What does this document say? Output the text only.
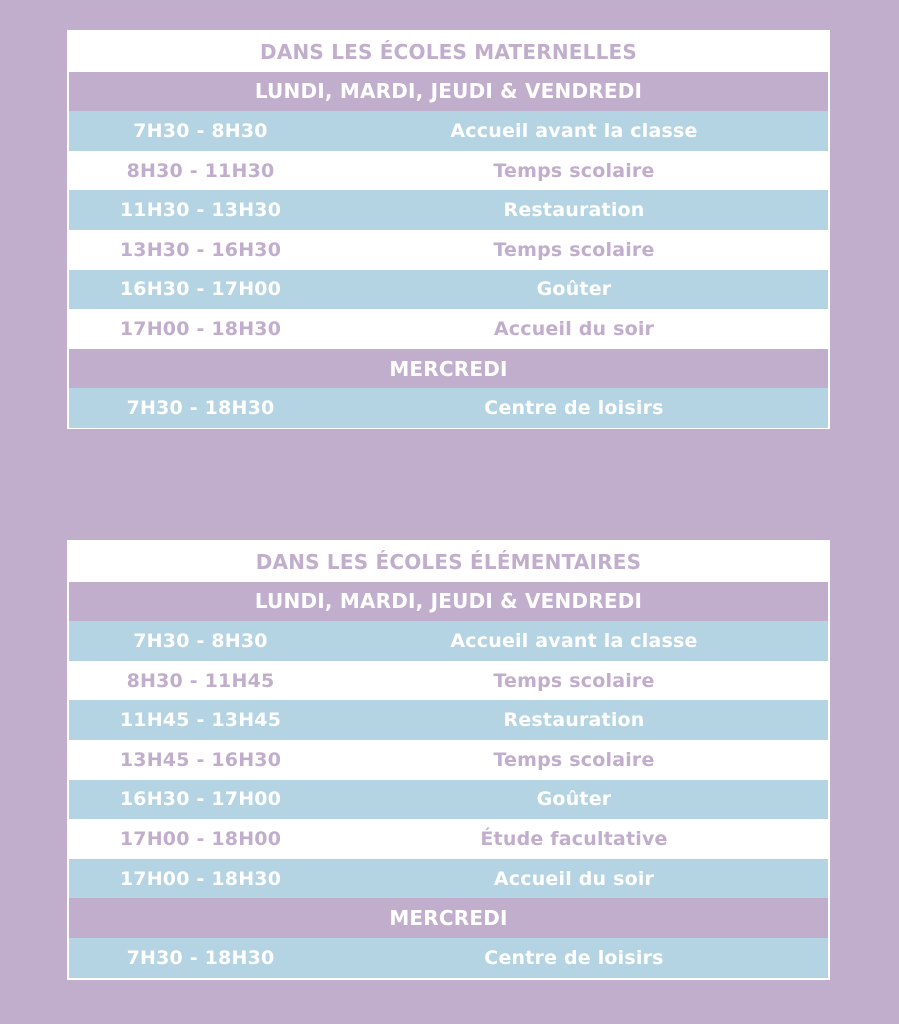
DANS LES ÉCOLES MATERNELLES
LUNDI, MARDI, JEUDI & VENDREDI
7H30 - 8H30	Accueil avant la classe
8H30 - 11H30	Temps scolaire
11H30 - 13H30	Restauration
13H30 - 16H30	Temps scolaire
16H30 - 17H00	Goûter
17H00 - 18H30	Accueil du soir
MERCREDI
7H30 - 18H30	Centre de loisirs
DANS LES ÉCOLES ÉLÉMENTAIRES
LUNDI, MARDI, JEUDI & VENDREDI
7H30 - 8H30	Accueil avant la classe
8H30 - 11H45	Temps scolaire
11H45 - 13H45	Restauration
13H45 - 16H30	Temps scolaire
16H30 - 17H00	Goûter
17H00 - 18H00	Étude facultative
17H00 - 18H30	Accueil du soir
MERCREDI
7H30 - 18H30	Centre de loisirs
